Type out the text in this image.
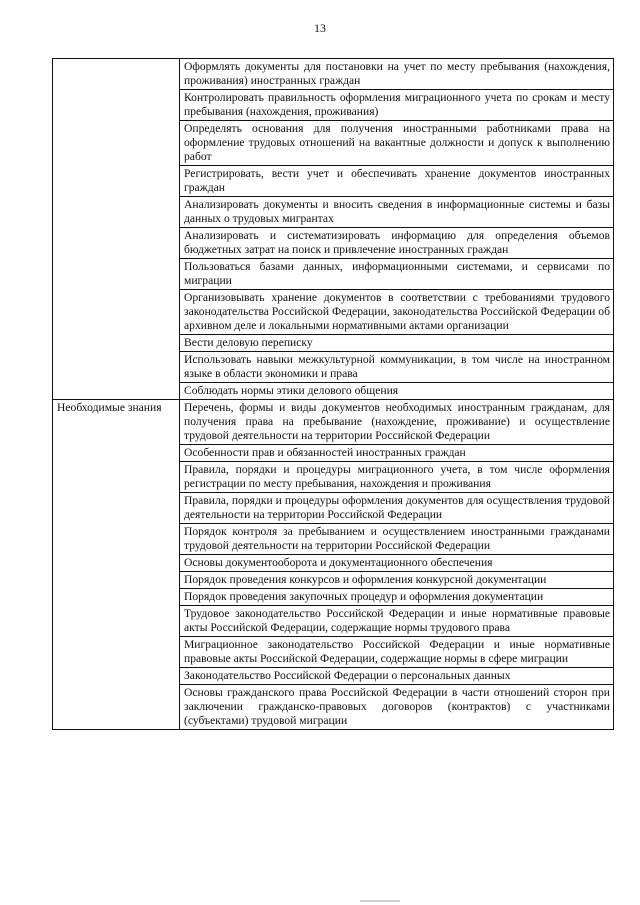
13
	Оформлять документы для постановки на учет по месту пребывания (нахождения, проживания) иностранных граждан
	Контролировать правильность оформления миграционного учета по срокам и месту пребывания (нахождения, проживания)
	Определять основания для получения иностранными работниками права на оформление трудовых отношений на вакантные должности и допуск к выполнению работ
	Регистрировать, вести учет и обеспечивать хранение документов иностранных граждан
	Анализировать документы и вносить сведения в информационные системы и базы данных о трудовых мигрантах
	Анализировать и систематизировать информацию для определения объемов бюджетных затрат на поиск и привлечение иностранных граждан
	Пользоваться базами данных, информационными системами, и сервисами по миграции
	Организовывать хранение документов в соответствии с требованиями трудового законодательства Российской Федерации, законодательства Российской Федерации об архивном деле и локальными нормативными актами организации
	Вести деловую переписку
	Использовать навыки межкультурной коммуникации, в том числе на иностранном языке в области экономики и права
	Соблюдать нормы этики делового общения
Необходимые знания	Перечень, формы и виды документов необходимых иностранным гражданам, для получения права на пребывание (нахождение, проживание) и осуществление трудовой деятельности на территории Российской Федерации
	Особенности прав и обязанностей иностранных граждан
	Правила, порядки и процедуры миграционного учета, в том числе оформления регистрации по месту пребывания, нахождения и проживания
	Правила, порядки и процедуры оформления документов для осуществления трудовой деятельности на территории Российской Федерации
	Порядок контроля за пребыванием и осуществлением иностранными гражданами трудовой деятельности на территории Российской Федерации
	Основы документооборота и документационного обеспечения
	Порядок проведения конкурсов и оформления конкурсной документации
	Порядок проведения закупочных процедур и оформления документации
	Трудовое законодательство Российской Федерации и иные нормативные правовые акты Российской Федерации, содержащие нормы трудового права
	Миграционное законодательство Российской Федерации и иные нормативные правовые акты Российской Федерации, содержащие нормы в сфере миграции
	Законодательство Российской Федерации о персональных данных
	Основы гражданского права Российской Федерации в части отношений сторон при заключении гражданско-правовых договоров (контрактов) с участниками (субъектами) трудовой миграции
